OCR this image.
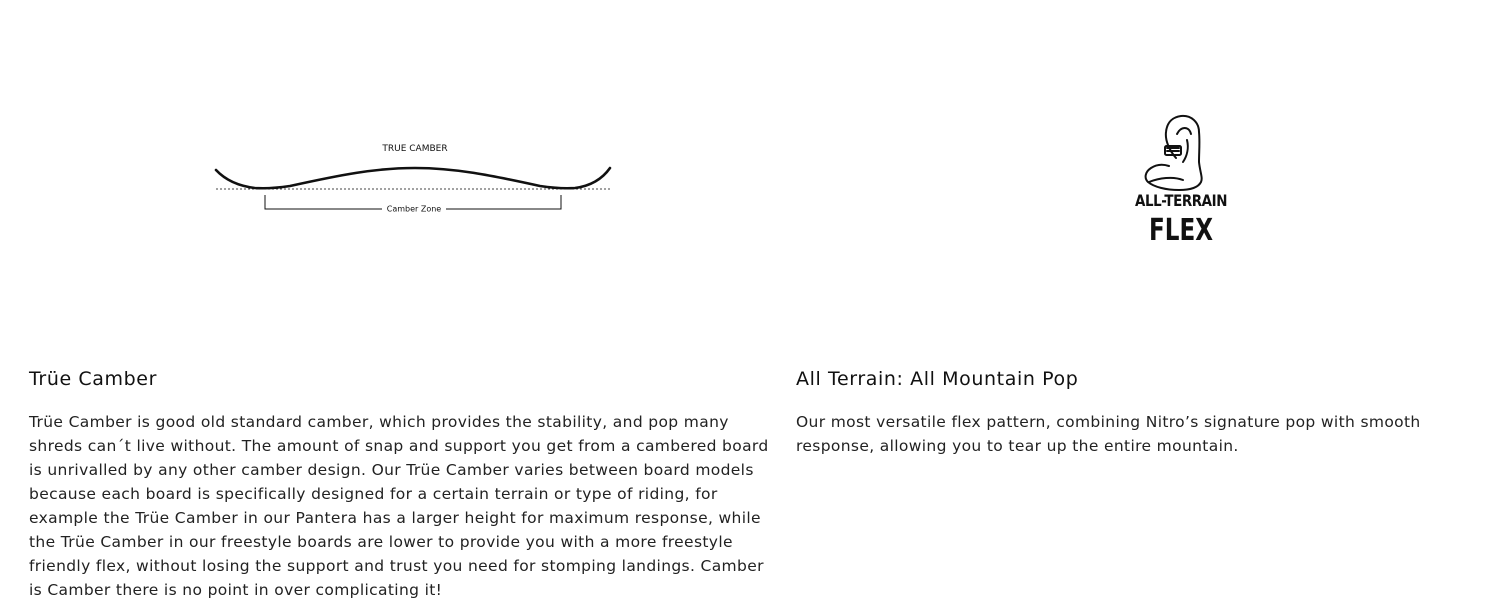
TRUE CAMBER
Camber Zone
Trüe Camber

Trüe Camber is good old standard camber, which provides the stability, and pop many shreds can´t live without. The amount of snap and support you get from a cambered board is unrivalled by any other camber design. Our Trüe Camber varies between board models because each board is specifically designed for a certain terrain or type of riding, for example the Trüe Camber in our Pantera has a larger height for maximum response, while the Trüe Camber in our freestyle boards are lower to provide you with a more freestyle friendly flex, without losing the support and trust you need for stomping landings. Camber is Camber there is no point in over complicating it!

ALL-TERRAIN
FLEX
All Terrain: All Mountain Pop

Our most versatile flex pattern, combining Nitro’s signature pop with smooth response, allowing you to tear up the entire mountain.
